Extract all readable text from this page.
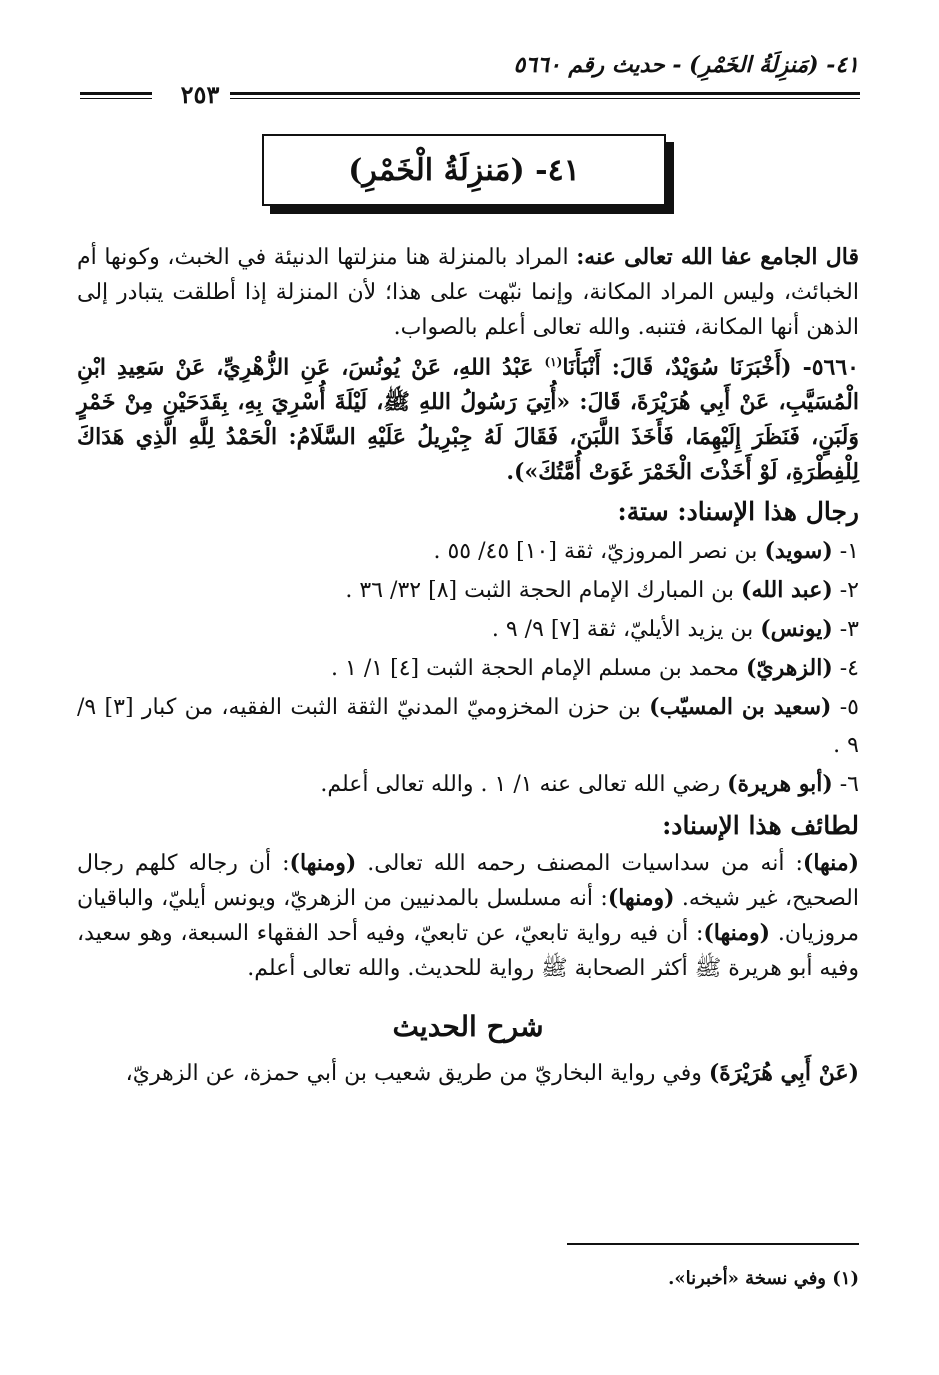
٤١- (مَنزِلَةُ الخَمْرِ) - حديث رقم ٥٦٦٠
٢٥٣
٤١- (مَنزِلَةُ الْخَمْرِ)

قال الجامع عفا الله تعالى عنه: المراد بالمنزلة هنا منزلتها الدنيئة في الخبث، وكونها أم الخبائث، وليس المراد المكانة، وإنما نبّهت على هذا؛ لأن المنزلة إذا أطلقت يتبادر إلى الذهن أنها المكانة، فتنبه. والله تعالى أعلم بالصواب.

٥٦٦٠- (أَخْبَرَنَا سُوَيْدٌ، قَالَ: أَنْبَأَنَا$^{(١)}$ عَبْدُ اللهِ، عَنْ يُونُسَ، عَنِ الزُّهْرِيِّ، عَنْ سَعِيدِ ابْنِ الْمُسَيَّبِ، عَنْ أَبِي هُرَيْرَةَ، قَالَ: «أُتِيَ رَسُولُ اللهِ ﷺ، لَيْلَةَ أُسْرِيَ بِهِ، بِقَدَحَيْنِ مِنْ خَمْرٍ وَلَبَنٍ، فَنَظَرَ إِلَيْهِمَا، فَأَخَذَ اللَّبَنَ، فَقَالَ لَهُ جِبْرِيلُ عَلَيْهِ السَّلَامُ: الْحَمْدُ لِلَّهِ الَّذِي هَدَاكَ لِلْفِطْرَةِ، لَوْ أَخَذْتَ الْخَمْرَ غَوَتْ أُمَّتُكَ»).

رجال هذا الإسناد: ستة:

١- (سويد) بن نصر المروزيّ، ثقة [١٠] ٤٥/ ٥٥ .

٢- (عبد الله) بن المبارك الإمام الحجة الثبت [٨] ٣٢/ ٣٦ .

٣- (يونس) بن يزيد الأيليّ، ثقة [٧] ٩/ ٩ .

٤- (الزهريّ) محمد بن مسلم الإمام الحجة الثبت [٤] ١/ ١ .

٥- (سعيد بن المسيّب) بن حزن المخزوميّ المدنيّ الثقة الثبت الفقيه، من كبار [٣] ٩/ ٩ .

٦- (أبو هريرة) رضي الله تعالى عنه ١/ ١ . والله تعالى أعلم.

لطائف هذا الإسناد:

(منها): أنه من سداسيات المصنف رحمه الله تعالى. (ومنها): أن رجاله كلهم رجال الصحيح، غير شيخه. (ومنها): أنه مسلسل بالمدنيين من الزهريّ، ويونس أيليّ، والباقيان مروزيان. (ومنها): أن فيه رواية تابعيّ، عن تابعيّ، وفيه أحد الفقهاء السبعة، وهو سعيد، وفيه أبو هريرة ﷺ أكثر الصحابة ﷺ رواية للحديث. والله تعالى أعلم.

شرح الحديث

(عَنْ أَبِي هُرَيْرَةَ) وفي رواية البخاريّ من طريق شعيب بن أبي حمزة، عن الزهريّ،

(١) وفي نسخة «أخبرنا».
